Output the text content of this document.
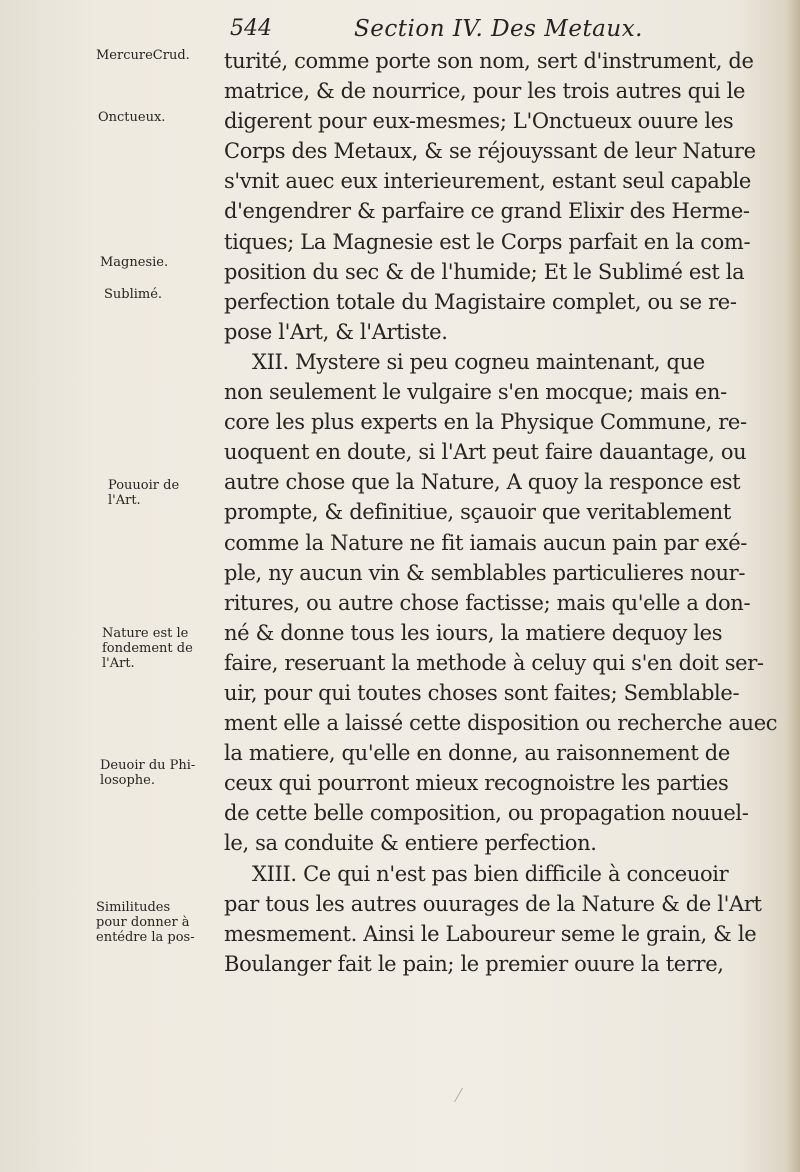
544	Section IV. Des Metaux.
MercureCrud.
Onctueux.
Magnesie.
Sublimé.
Pouuoir de
l'Art.
Nature est le
fondement de
l'Art.
Deuoir du Phi-
losophe.
Similitudes
pour donner à
entédre la pos-
turité, comme porte son nom, sert d'instrument, de
matrice, & de nourrice, pour les trois autres qui le
digerent pour eux-mesmes; L'Onctueux ouure les
Corps des Metaux, & se réjouyssant de leur Nature
s'vnit auec eux interieurement, estant seul capable
d'engendrer & parfaire ce grand Elixir des Herme-
tiques; La Magnesie est le Corps parfait en la com-
position du sec & de l'humide; Et le Sublimé est la
perfection totale du Magistaire complet, ou se re-
pose l'Art, & l'Artiste.
XII. Mystere si peu cogneu maintenant, que
non seulement le vulgaire s'en mocque; mais en-
core les plus experts en la Physique Commune, re-
uoquent en doute, si l'Art peut faire dauantage, ou
autre chose que la Nature, A quoy la responce est
prompte, & definitiue, sçauoir que veritablement
comme la Nature ne fit iamais aucun pain par exé-
ple, ny aucun vin & semblables particulieres nour-
ritures, ou autre chose factisse; mais qu'elle a don-
né & donne tous les iours, la matiere dequoy les
faire, reseruant la methode à celuy qui s'en doit ser-
uir, pour qui toutes choses sont faites; Semblable-
ment elle a laissé cette disposition ou recherche auec
la matiere, qu'elle en donne, au raisonnement de
ceux qui pourront mieux recognoistre les parties
de cette belle composition, ou propagation nouuel-
le, sa conduite & entiere perfection.
XIII. Ce qui n'est pas bien difficile à conceuoir
par tous les autres ouurages de la Nature & de l'Art
mesmement. Ainsi le Laboureur seme le grain, & le
Boulanger fait le pain; le premier ouure la terre,
